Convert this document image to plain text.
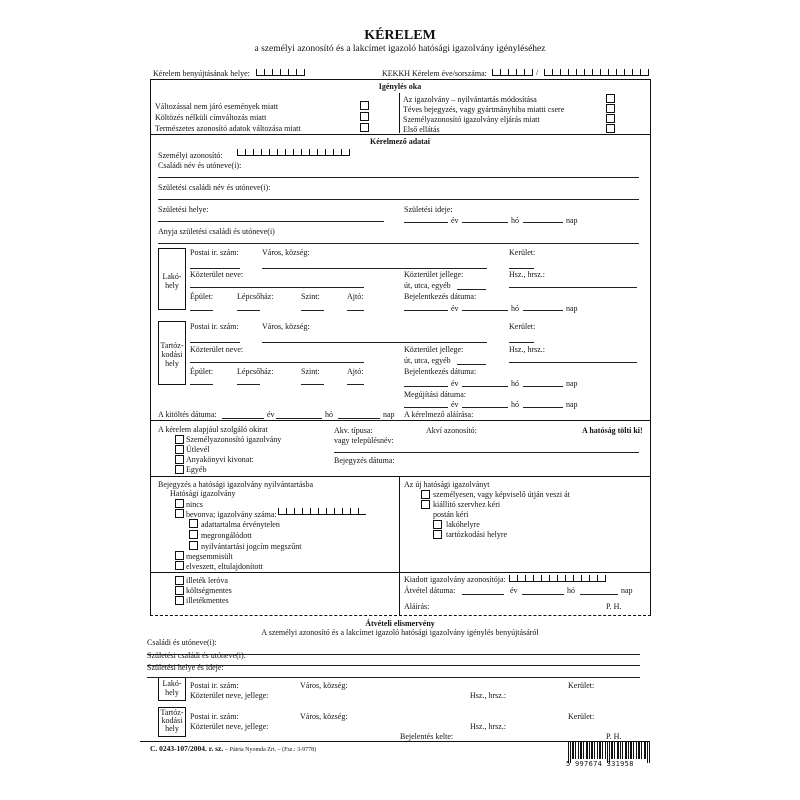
KÉRELEM
a személyi azonosító és a lakcímet igazoló hatósági igazolvány igényléséhez
Kérelem benyújtásának helye:	KEKKH Kérelem éve/sorszáma:	/
Igénylés oka
Változással nem járó események miatt
Költözés nélküli címváltozás miatt
Természetes azonosító adatok változása miatt
Az igazolvány – nyilvántartás módosítása
Téves bejegyzés, vagy gyártmányhiba miatti csere
Személyazonosító igazolvány eljárás miatt
Első ellátás
Kérelmező adatai
Személyi azonosító:
Családi név és utóneve(i):
Születési családi név és utóneve(i):
Születési helye:	Születési ideje:
év	hó	nap
Anyja születési családi és utóneve(i)
Lakó-
hely
Postai ir. szám:	Város, község:	Kerület:
Közterület neve:	Közterület jellege:
út, utca, egyéb
Hsz., hrsz.:
Épület:	Lépcsőház:	Szint:	Ajtó:	Bejelentkezés dátuma:
év	hó	nap
Tartóz-
kodási
hely
Postai ir. szám:	Város, község:	Kerület:
Közterület neve:	Közterület jellege:
út, utca, egyéb
Hsz., hrsz.:
Épület:	Lépcsőház:	Szint:	Ajtó:	Bejelentkezés dátuma:
év	hó	nap
Megújítási dátuma:
év	hó	nap
A kitöltés dátuma:	év	hó	nap A kérelmező aláírása:
A kérelem alapjául szolgáló okirat
Személyazonosító igazolvány
Útlevél
Anyakönyvi kivonat:
Egyéb
Akv. típusa:
vagy településnév:
Bejegyzés dátuma:
Akví azonosító:	A hatóság tölti ki!
Bejegyzés a hatósági igazolvány nyilvántartásba
Hatósági igazolvány
nincs
bevonva; igazolvány száma:
adattartalma érvénytelen
megrongálódott
nyilvántartási jogcím megszűnt
megsemmisült
elveszett, eltulajdonított
Az új hatósági igazolványt
személyesen, vagy képviselő útján veszi át
kiállító szervhez kéri
postán kéri
lakóhelyre
tartózkodási helyre
illeték leróva
költségmentes
illetékmentes
Kiadott igazolvány azonosítója:
Átvétel dátuma:	év	hó	nap
Aláírás:	P. H.
Átvételi elismervény
A személyi azonosító és a lakcímet igazoló hatósági igazolvány igénylés benyújtásáról
Családi és utóneve(i):
Születési családi és utóneve(i):
Születési helye és ideje:
Lakó-
hely
Postai ir. szám:	Város, község:	Kerület:
Közterület neve, jellege:	Hsz., hrsz.:
Tartóz-
kodási
hely
Postai ir. szám:	Város, község:	Kerület:
Közterület neve, jellege:	Hsz., hrsz.:
Bejelentés kelte:	P. H.
C. 0243-107/2004. r. sz. – Pátria Nyomda Zrt. – (Fsz.: 3-9778)
5 997674 331958
